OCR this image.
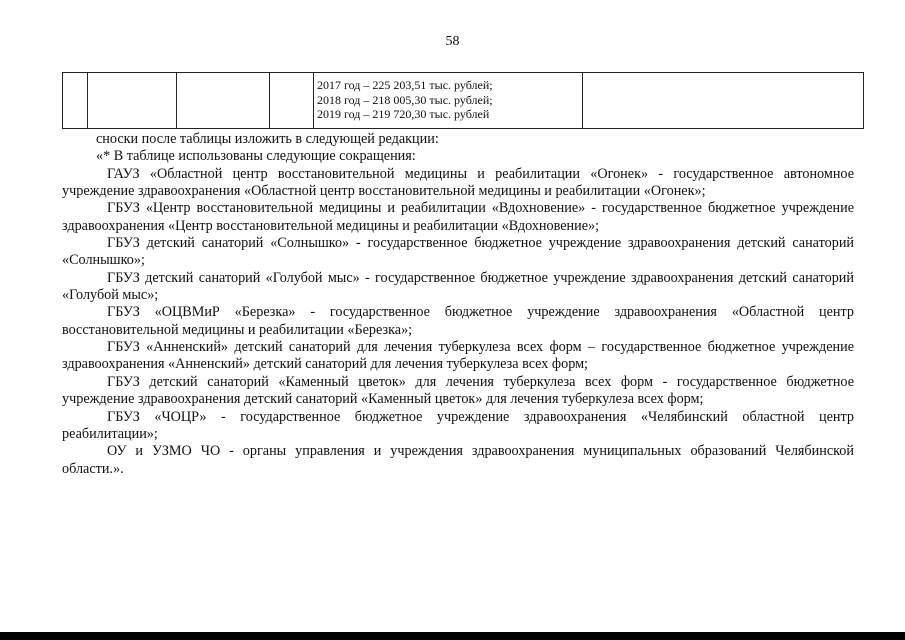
58

2017 год – 225 203,51 тыс. рублей;
2018 год – 218 005,30 тыс. рублей;
2019 год – 219 720,30 тыс. рублей

сноски после таблицы изложить в следующей редакции:

«* В таблице использованы следующие сокращения:

ГАУЗ «Областной центр восстановительной медицины и реабилитации «Огонек» - государственное автономное учреждение здравоохранения «Областной центр восстановительной медицины и реабилитации «Огонек»;

ГБУЗ «Центр восстановительной медицины и реабилитации «Вдохновение» - государственное бюджетное учреждение здравоохранения «Центр восстановительной медицины и реабилитации «Вдохновение»;

ГБУЗ детский санаторий «Солнышко» - государственное бюджетное учреждение здравоохранения детский санаторий «Солнышко»;

ГБУЗ детский санаторий «Голубой мыс» - государственное бюджетное учреждение здравоохранения детский санаторий «Голубой мыс»;

ГБУЗ «ОЦВМиР «Березка» - государственное бюджетное учреждение здравоохранения «Областной центр восстановительной медицины и реабилитации «Березка»;

ГБУЗ «Анненский» детский санаторий для лечения туберкулеза всех форм – государственное бюджетное учреждение здравоохранения «Анненский» детский санаторий для лечения туберкулеза всех форм;

ГБУЗ детский санаторий «Каменный цветок» для лечения туберкулеза всех форм - государственное бюджетное учреждение здравоохранения детский санаторий «Каменный цветок» для лечения туберкулеза всех форм;

ГБУЗ «ЧОЦР» - государственное бюджетное учреждение здравоохранения «Челябинский областной центр реабилитации»;

ОУ и УЗМО ЧО - органы управления и учреждения здравоохранения муниципальных образований Челябинской области.».
